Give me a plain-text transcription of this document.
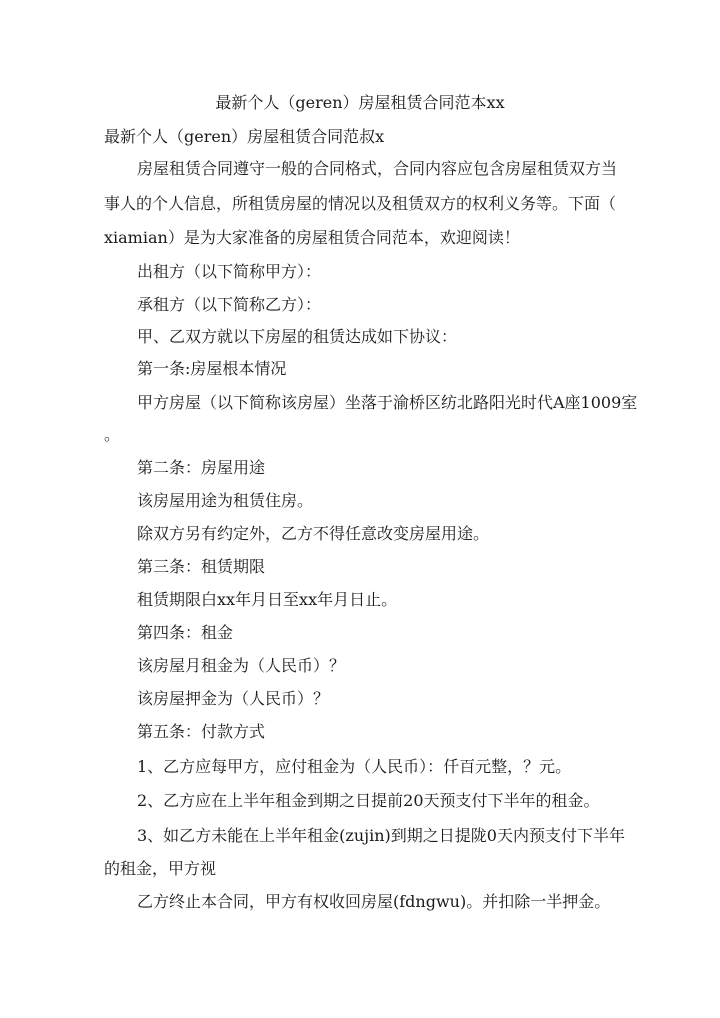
最新个人（geren）房屋租赁合同范本xx
最新个人（geren）房屋租赁合同范叔x
房屋租赁合同遵守一般的合同格式，合同内容应包含房屋租赁双方当
事人的个人信息，所租赁房屋的情况以及租赁双方的权利义务等。下面（
xiamian）是为大家准备的房屋租赁合同范本，欢迎阅读！
出租方（以下简称甲方）：
承租方（以下简称乙方）：
甲、乙双方就以下房屋的租赁达成如下协议：
第一条:房屋根本情况
甲方房屋（以下简称该房屋）坐落于渝桥区纺北路阳光时代A座1009室
。
第二条：房屋用途
该房屋用途为租赁住房。
除双方另有约定外，乙方不得任意改变房屋用途。
第三条：租赁期限
租赁期限白xx年月日至xx年月日止。
第四条：租金
该房屋月租金为（人民币）？
该房屋押金为（人民币）？
第五条：付款方式
1、乙方应每甲方，应付租金为（人民币）：仟百元整，？元。
2、乙方应在上半年租金到期之日提前20天预支付下半年的租金。
3、如乙方未能在上半年租金(zujin)到期之日提陇0天内预支付下半年
的租金，甲方视
乙方终止本合同，甲方有权收回房屋(fdngwu)。并扣除一半押金。
